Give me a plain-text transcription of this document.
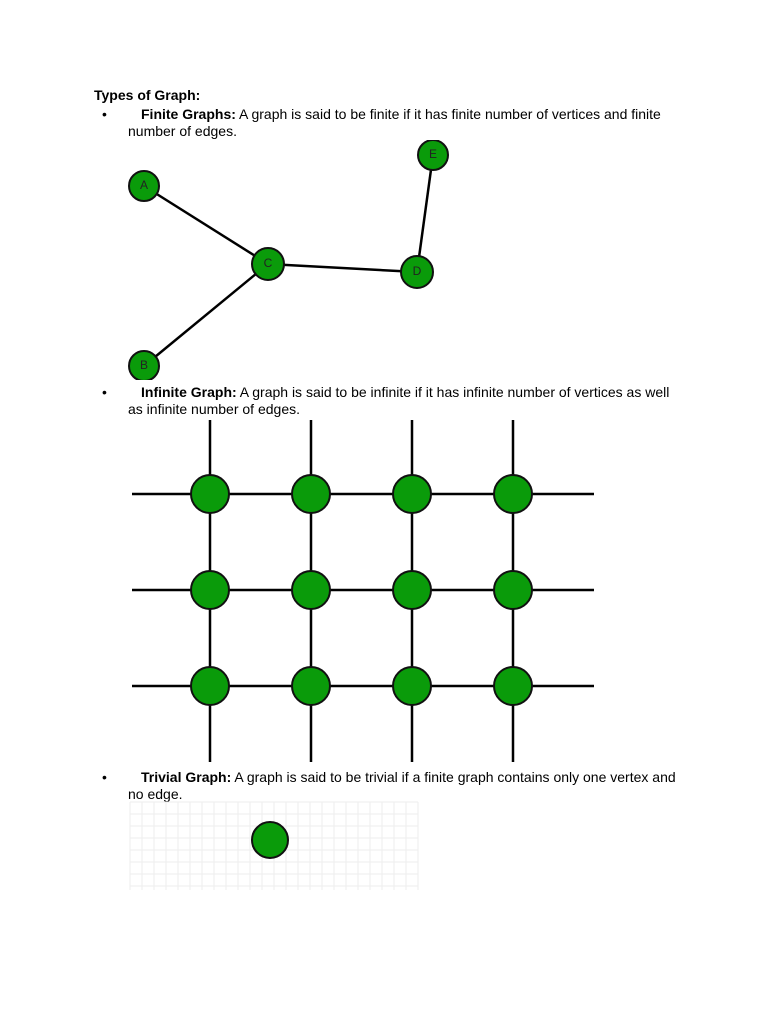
Types of Graph:
•	Finite Graphs: A graph is said to be finite if it has finite number of vertices and finite number of edges.
A
B
C
D
E
•	Infinite Graph: A graph is said to be infinite if it has infinite number of vertices as well as infinite number of edges.
•	Trivial Graph: A graph is said to be trivial if a finite graph contains only one vertex and no edge.
